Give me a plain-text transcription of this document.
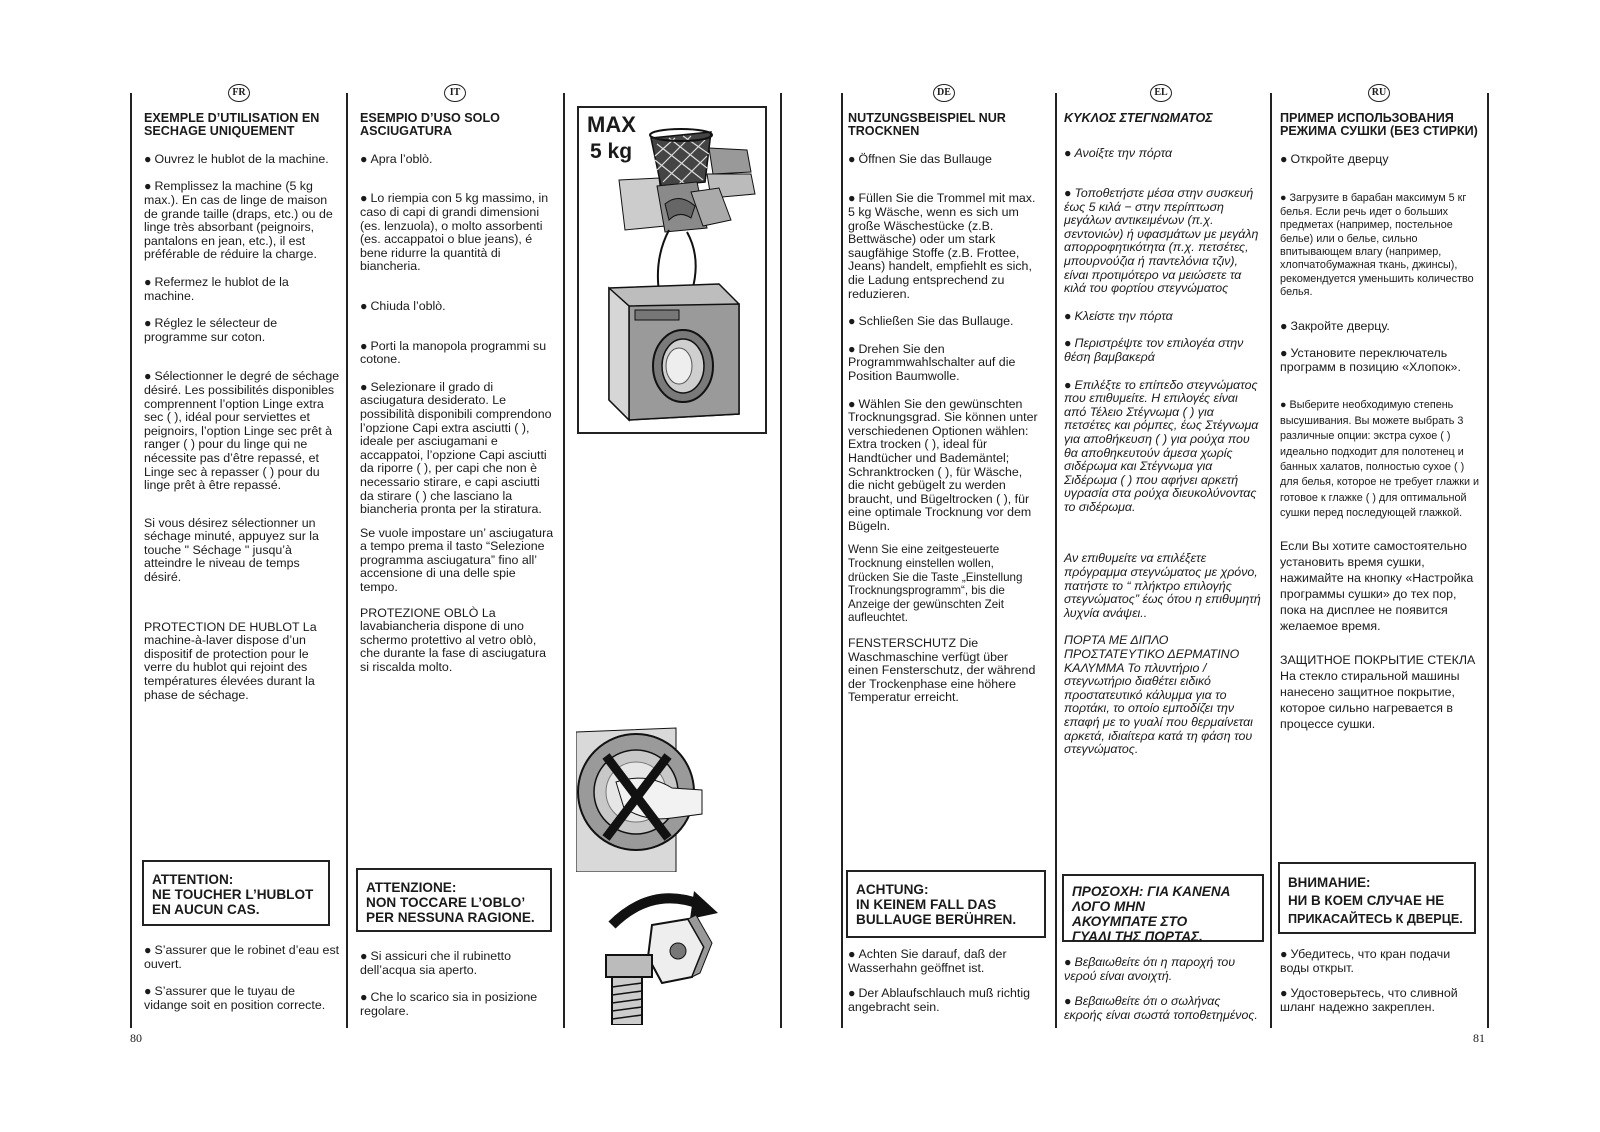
FR	IT	DE	EL	RU

EXEMPLE D’UTILISATION EN SECHAGE UNIQUEMENT

● Ouvrez le hublot de la machine.

● Remplissez la machine (5 kg max.). En cas de linge de maison de grande taille (draps, etc.) ou de linge très absorbant (peignoirs, pantalons en jean, etc.), il est préférable de réduire la charge.

● Refermez le hublot de la machine.

● Réglez le sélecteur de programme sur coton.

● Sélectionner le degré de séchage désiré. Les possibilités disponibles comprennent l’option Linge extra sec ( ), idéal pour serviettes et peignoirs, l’option Linge sec prêt à ranger ( ) pour du linge qui ne nécessite pas d’être repassé, et Linge sec à repasser ( ) pour du linge prêt à être repassé.

Si vous désirez sélectionner un séchage minuté, appuyez sur la touche " Séchage " jusqu’à atteindre le niveau de temps désiré.

PROTECTION DE HUBLOT La machine-à-laver dispose d’un dispositif de protection pour le verre du hublot qui rejoint des températures élevées durant la phase de séchage.

ATTENTION:

NE TOUCHER L’HUBLOT

EN AUCUN CAS.

● S’assurer que le robinet d’eau est ouvert.

● S’assurer que le tuyau de vidange soit en position correcte.

ESEMPIO D’USO SOLO ASCIUGATURA

● Apra l’oblò.

● Lo riempia con 5 kg massimo, in caso di capi di grandi dimensioni (es. lenzuola), o molto assorbenti (es. accappatoi o blue jeans), é bene ridurre la quantità di biancheria.

● Chiuda l’oblò.

● Porti la manopola programmi su cotone.

● Selezionare il grado di asciugatura desiderato. Le possibilità disponibili comprendono l’opzione Capi extra asciutti ( ), ideale per asciugamani e accappatoi, l’opzione Capi asciutti da riporre ( ), per capi che non è necessario stirare, e capi asciutti da stirare ( ) che lasciano la biancheria pronta per la stiratura.

Se vuole impostare un’ asciugatura a tempo prema il tasto “Selezione programma asciugatura” fino all’ accensione di una delle spie tempo.

PROTEZIONE OBLÒ La lavabiancheria dispone di uno schermo protettivo al vetro oblò, che durante la fase di asciugatura si riscalda molto.

ATTENZIONE:

NON TOCCARE L’OBLO’

PER NESSUNA RAGIONE.

● Si assicuri che il rubinetto dell’acqua sia aperto.

● Che lo scarico sia in posizione regolare.

MAX
5 kg

NUTZUNGSBEISPIEL NUR TROCKNEN

● Öffnen Sie das Bullauge

● Füllen Sie die Trommel mit max. 5 kg Wäsche, wenn es sich um große Wäschestücke (z.B. Bettwäsche) oder um stark saugfähige Stoffe (z.B. Frottee, Jeans) handelt, empfiehlt es sich, die Ladung entsprechend zu reduzieren.

● Schließen Sie das Bullauge.

● Drehen Sie den Programmwahlschalter auf die Position Baumwolle.

● Wählen Sie den gewünschten Trocknungsgrad. Sie können unter verschiedenen Optionen wählen: Extra trocken ( ), ideal für Handtücher und Bademäntel; Schranktrocken ( ), für Wäsche, die nicht gebügelt zu werden braucht, und Bügeltrocken ( ), für eine optimale Trocknung vor dem Bügeln.

Wenn Sie eine zeitgesteuerte Trocknung einstellen wollen, drücken Sie die Taste „Einstellung Trocknungsprogramm“, bis die Anzeige der gewünschten Zeit aufleuchtet.

FENSTERSCHUTZ Die Waschmaschine verfügt über einen Fensterschutz, der während der Trockenphase eine höhere Temperatur erreicht.

ACHTUNG:

IN KEINEM FALL DAS

BULLAUGE BERÜHREN.

● Achten Sie darauf, daß der Wasserhahn geöffnet ist.

● Der Ablaufschlauch muß richtig angebracht sein.

ΚΥΚΛΟΣ ΣΤΕΓΝΩΜΑΤΟΣ

● Ανοίξτε την πόρτα

● Τοποθετήστε μέσα στην συσκευή έως 5 κιλά − στην περίπτωση μεγάλων αντικειμένων (π.χ. σεντονιών) ή υφασμάτων με μεγάλη απορροφητικότητα (π.χ. πετσέτες, μπουρνούζια ή παντελόνια τζιν), είναι προτιμότερο να μειώσετε τα κιλά του φορτίου στεγνώματος

● Κλείστε την πόρτα

● Περιστρέψτε τον επιλογέα στην θέση βαμβακερά

● Επιλέξτε το επίπεδο στεγνώματος που επιθυμείτε. Η επιλογές είναι από Τέλειο Στέγνωμα ( ) για πετσέτες και ρόμπες, έως Στέγνωμα για αποθήκευση ( ) για ρούχα που θα αποθηκευτούν άμεσα χωρίς σιδέρωμα και Στέγνωμα για Σιδέρωμα ( ) που αφήνει αρκετή υγρασία στα ρούχα διευκολύνοντας το σιδέρωμα.

Αν επιθυμείτε να επιλέξετε πρόγραμμα στεγνώματος με χρόνο, πατήστε το “ πλήκτρο επιλογής στεγνώματος” έως ότου η επιθυμητή λυχνία ανάψει..

ΠΟΡΤΑ ΜΕ ΔΙΠΛΟ ΠΡΟΣΤΑΤΕΥΤΙΚΟ ΔΕΡΜΑΤΙΝΟ ΚΑΛΥΜΜΑ Το πλυντήριο / στεγνωτήριο διαθέτει ειδικό προστατευτικό κάλυμμα για το πορτάκι, το οποίο εμποδίζει την επαφή με το γυαλί που θερμαίνεται αρκετά, ιδιαίτερα κατά τη φάση του στεγνώματος.

ΠΡΟΣΟΧΗ: ΓΙΑ ΚΑΝΕΝΑ

ΛΟΓΟ ΜΗΝ

ΑΚΟΥΜΠΑΤΕ ΣΤΟ

ΓΥΑΛΙ ΤΗΣ ΠΟΡΤΑΣ.

● Βεβαιωθείτε ότι η παροχή του νερού είναι ανοιχτή.

● Βεβαιωθείτε ότι ο σωλήνας εκροής είναι σωστά τοποθετημένος.

ПРИМЕР ИСПОЛЬЗОВАНИЯ РЕЖИМА СУШКИ (БЕЗ СТИРКИ)

● Откройте дверцу

● Загрузите в барабан максимум 5 кг белья. Если речь идет о больших предметах (например, постельное белье) или о белье, сильно впитывающем влагу (например, хлопчатобумажная ткань, джинсы), рекомендуется уменьшить количество белья.

● Закройте дверцу.

● Установите переключатель программ в позицию «Хлопок».

● Выберите необходимую степень высушивания. Вы можете выбрать 3 различные опции: экстра сухое ( ) идеально подходит для полотенец и банных халатов, полностью сухое ( ) для белья, которое не требует глажки и готовое к глажке ( ) для оптимальной сушки перед последующей глажкой.

Если Вы хотите самостоятельно установить время сушки, нажимайте на кнопку «Настройка программы сушки» до тех пор, пока на дисплее не появится желаемое время.

ЗАЩИТНОЕ ПОКРЫТИЕ СТЕКЛА На стекло стиральной машины нанесено защитное покрытие, которое сильно нагревается в процессе сушки.

ВНИМАНИЕ:

НИ В КОЕМ СЛУЧАЕ НЕ

ПРИКАСАЙТЕСЬ К ДВЕРЦЕ.

● Убедитесь, что кран подачи воды открыт.

● Удостоверьтесь, что сливной шланг надежно закреплен.

80	81
